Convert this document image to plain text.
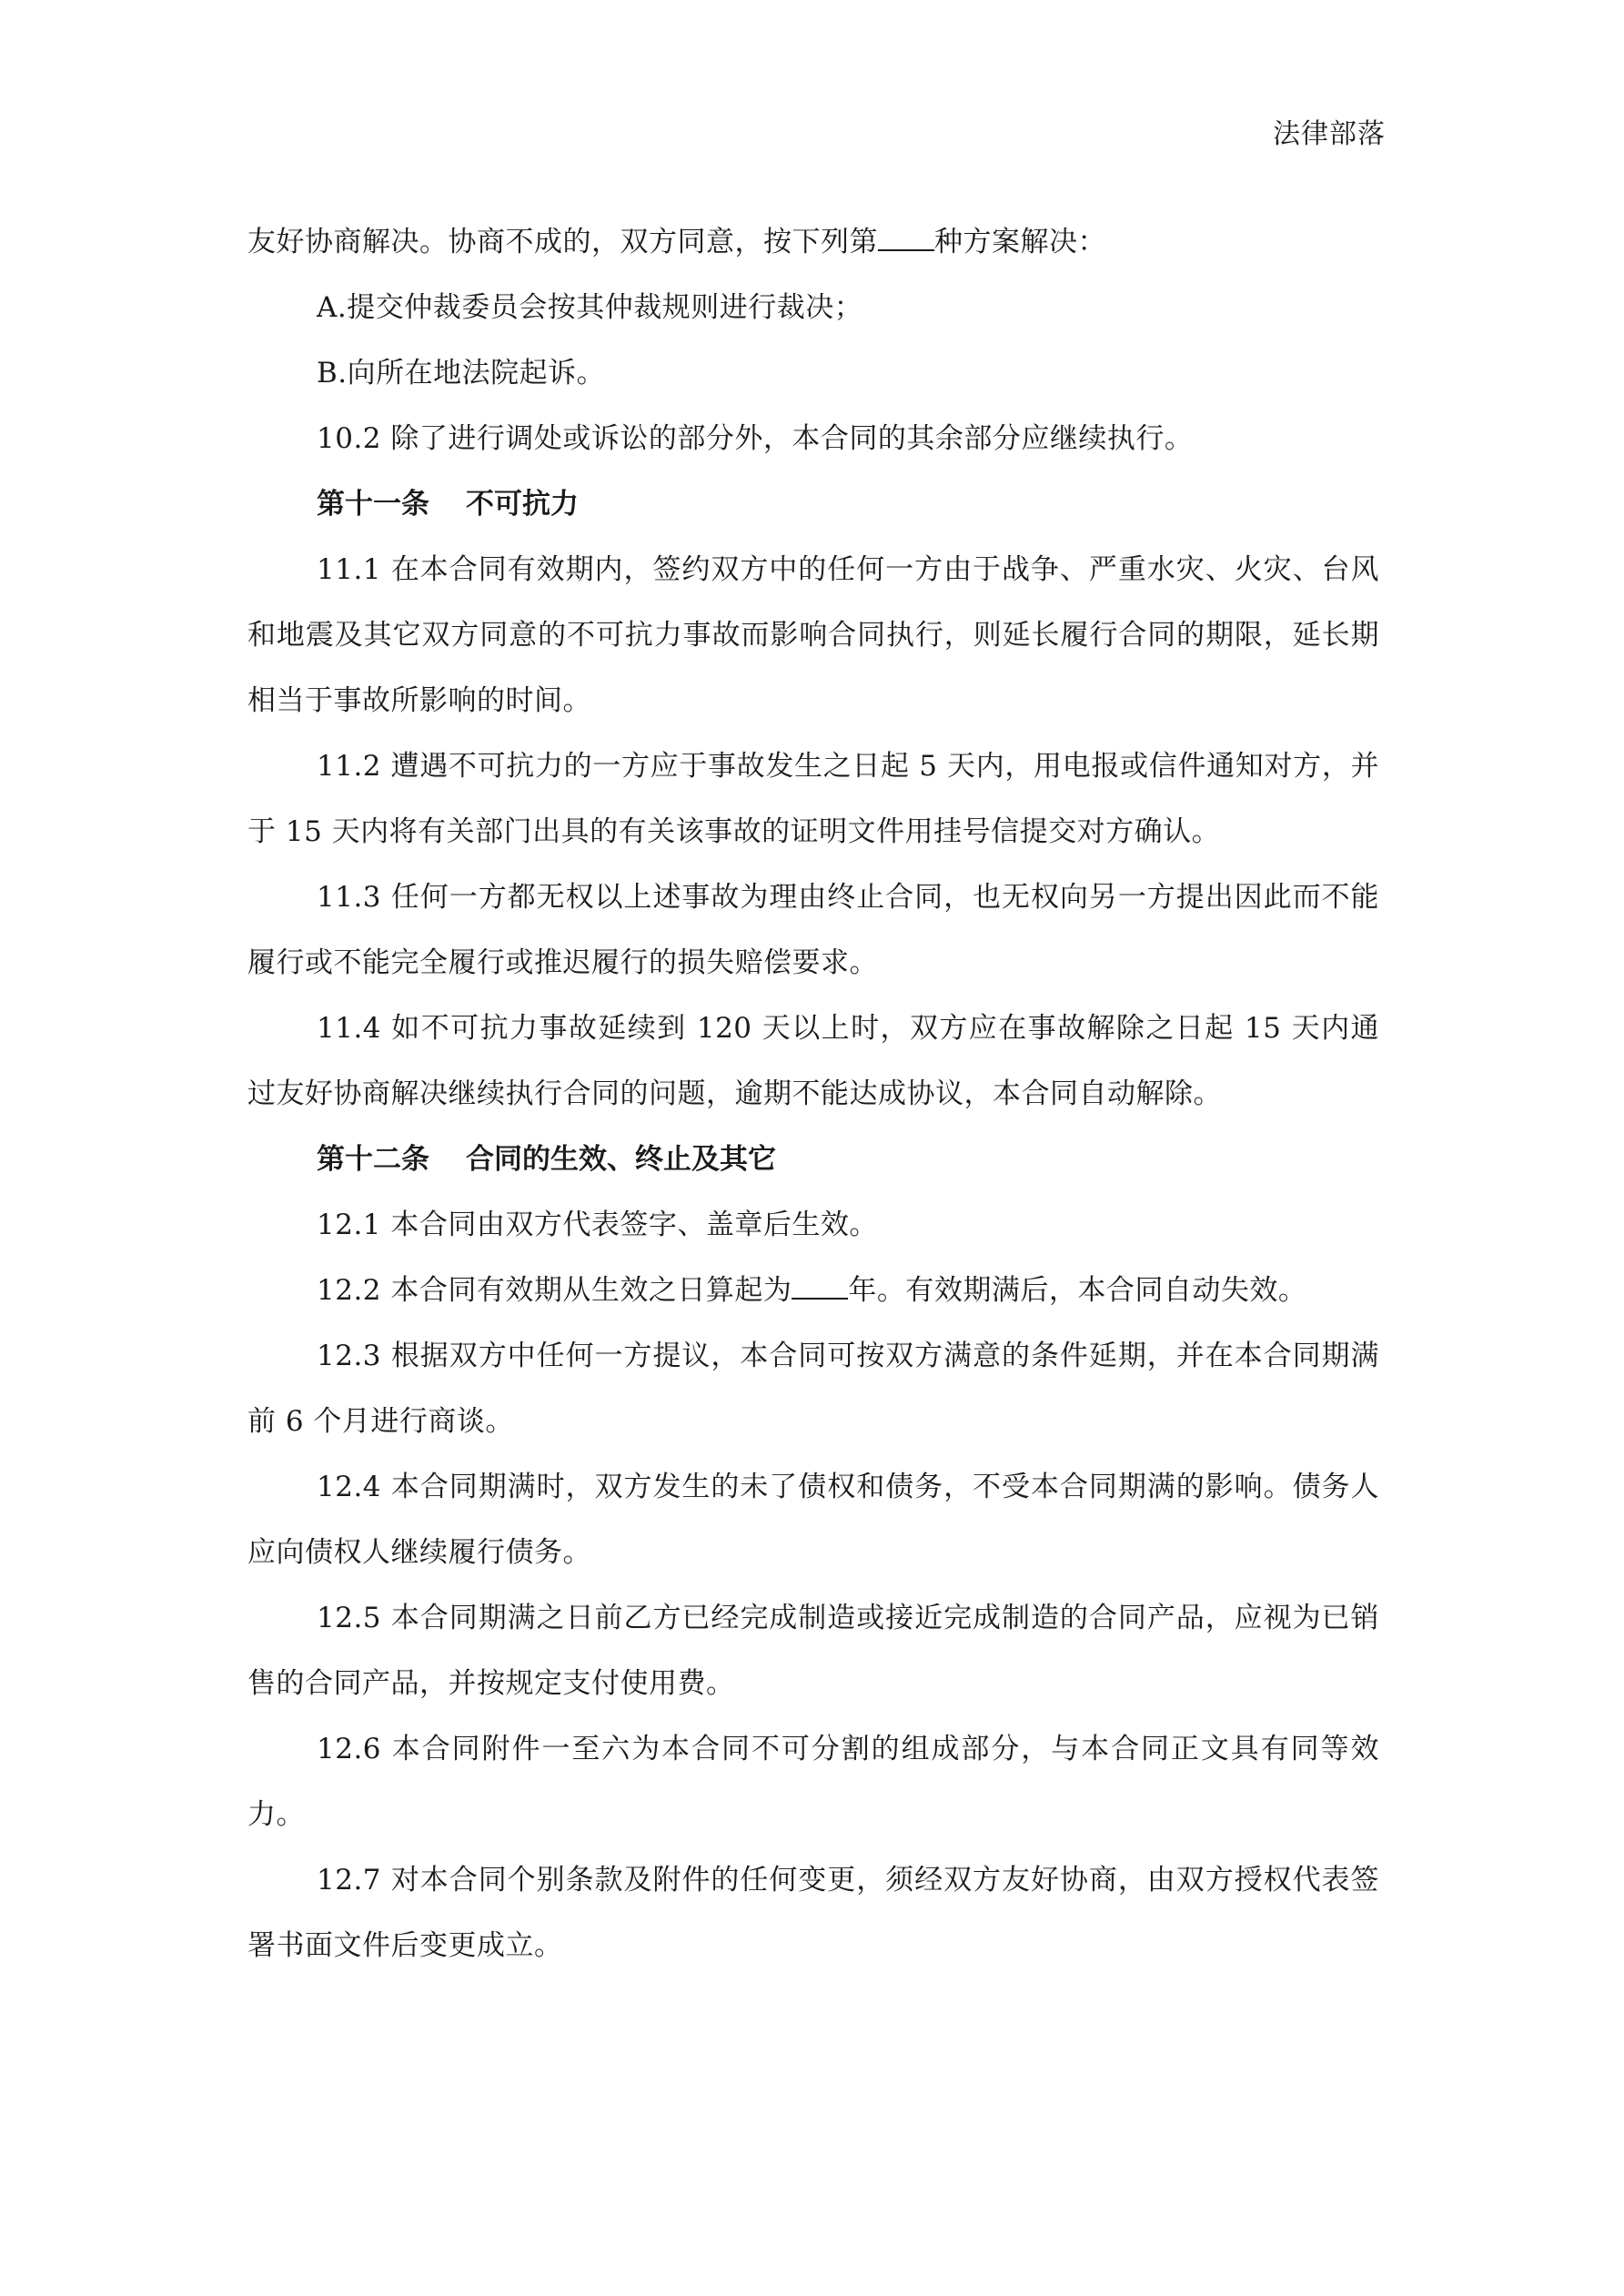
法律部落

友好协商解决。协商不成的，双方同意，按下列第 种方案解决：

A.提交仲裁委员会按其仲裁规则进行裁决；

B.向所在地法院起诉。

10.2 除了进行调处或诉讼的部分外，本合同的其余部分应继续执行。

第十一条 不可抗力

11.1 在本合同有效期内，签约双方中的任何一方由于战争、严重水灾、火灾、台风和地震及其它双方同意的不可抗力事故而影响合同执行，则延长履行合同的期限，延长期相当于事故所影响的时间。

11.2 遭遇不可抗力的一方应于事故发生之日起 5 天内，用电报或信件通知对方，并于 15 天内将有关部门出具的有关该事故的证明文件用挂号信提交对方确认。

11.3 任何一方都无权以上述事故为理由终止合同，也无权向另一方提出因此而不能履行或不能完全履行或推迟履行的损失赔偿要求。

11.4 如不可抗力事故延续到 120 天以上时，双方应在事故解除之日起 15 天内通过友好协商解决继续执行合同的问题，逾期不能达成协议，本合同自动解除。

第十二条 合同的生效、终止及其它

12.1 本合同由双方代表签字、盖章后生效。

12.2 本合同有效期从生效之日算起为 年。有效期满后，本合同自动失效。

12.3 根据双方中任何一方提议，本合同可按双方满意的条件延期，并在本合同期满前 6 个月进行商谈。

12.4 本合同期满时，双方发生的未了债权和债务，不受本合同期满的影响。债务人应向债权人继续履行债务。

12.5 本合同期满之日前乙方已经完成制造或接近完成制造的合同产品，应视为已销售的合同产品，并按规定支付使用费。

12.6 本合同附件一至六为本合同不可分割的组成部分，与本合同正文具有同等效力。

12.7 对本合同个别条款及附件的任何变更，须经双方友好协商，由双方授权代表签署书面文件后变更成立。
